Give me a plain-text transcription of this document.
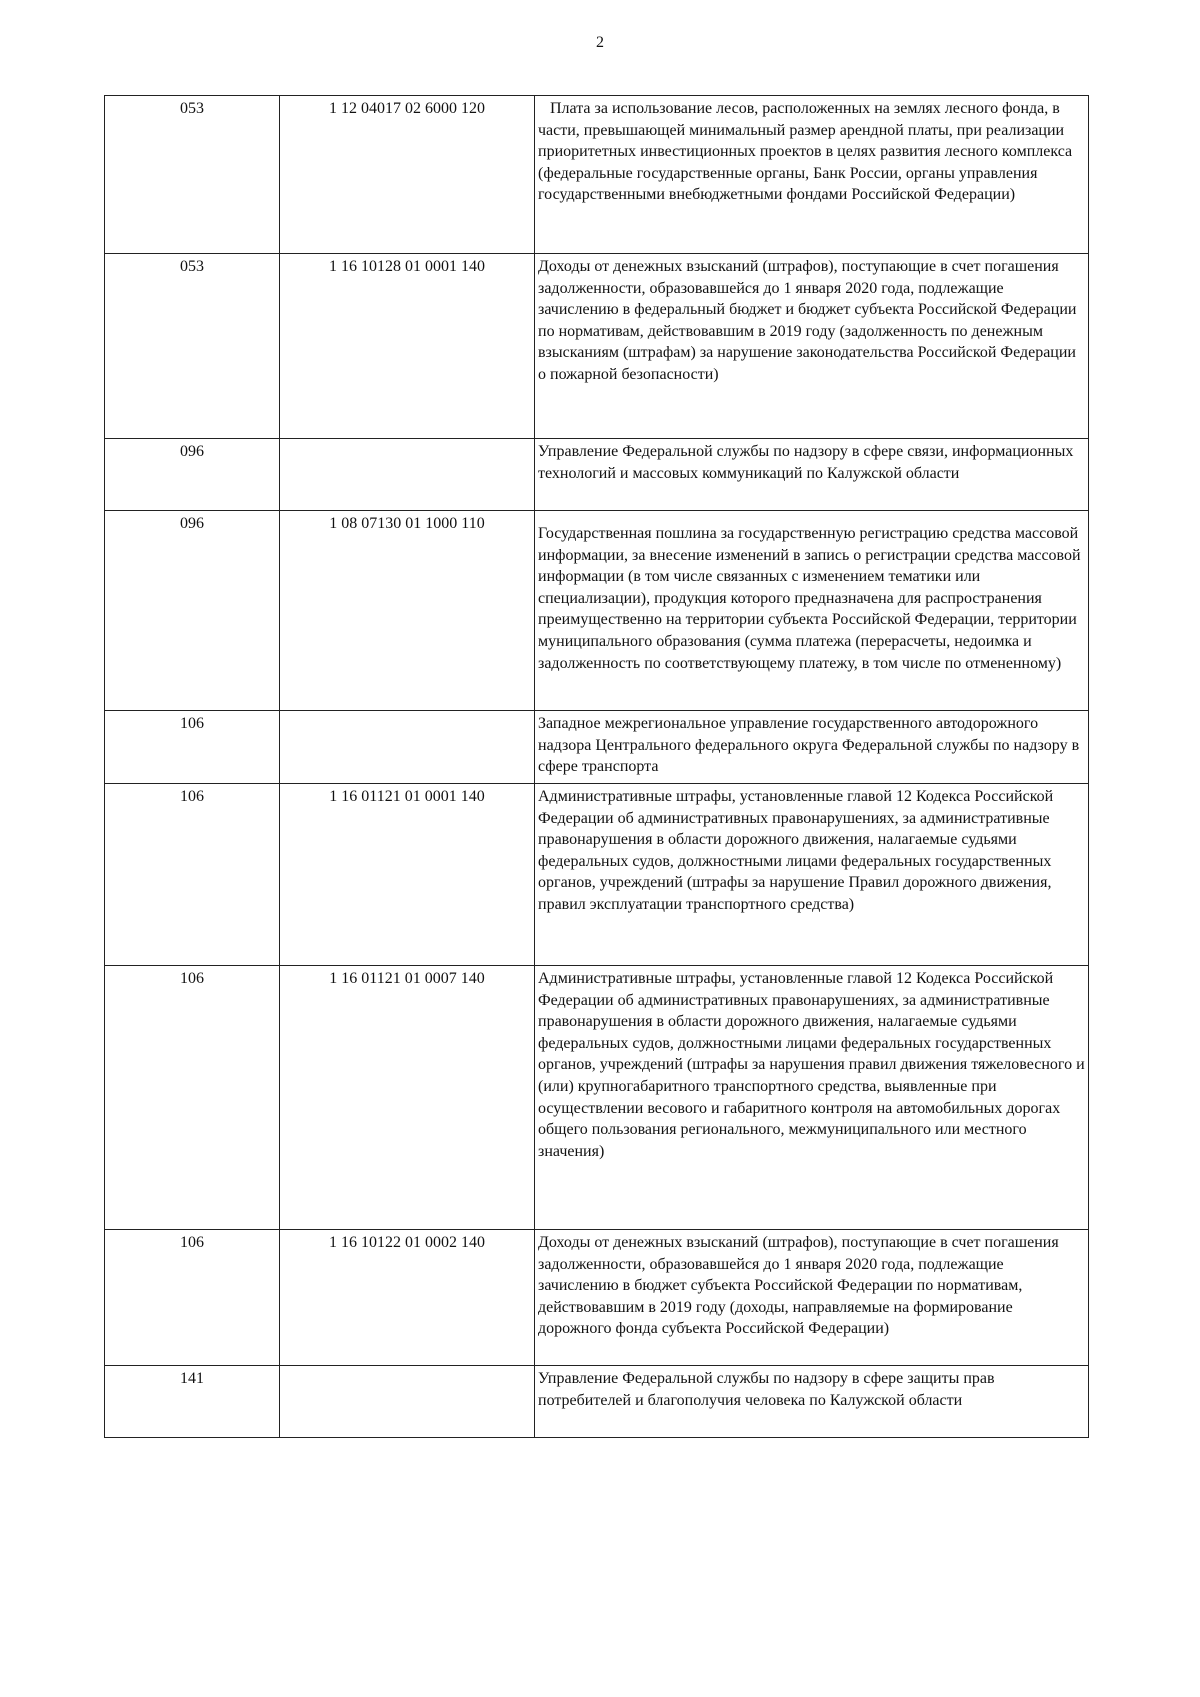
2
053	1 12 04017 02 6000 120	Плата за использование лесов, расположенных на землях лесного фонда, в части, превышающей минимальный размер арендной платы, при реализации приоритетных инвестиционных проектов в целях развития лесного комплекса (федеральные государственные органы, Банк России, органы управления государственными внебюджетными фондами Российской Федерации)
053	1 16 10128 01 0001 140	Доходы от денежных взысканий (штрафов), поступающие в счет погашения задолженности, образовавшейся до 1 января 2020 года, подлежащие зачислению в федеральный бюджет и бюджет субъекта Российской Федерации по нормативам, действовавшим в 2019 году (задолженность по денежным взысканиям (штрафам) за нарушение законодательства Российской Федерации о пожарной безопасности)
096		Управление Федеральной службы по надзору в сфере связи, информационных технологий и массовых коммуникаций по Калужской области
096	1 08 07130 01 1000 110	Государственная пошлина за государственную регистрацию средства массовой информации, за внесение изменений в запись о регистрации средства массовой информации (в том числе связанных с изменением тематики или специализации), продукция которого предназначена для распространения преимущественно на территории субъекта Российской Федерации, территории муниципального образования (сумма платежа (перерасчеты, недоимка и задолженность по соответствующему платежу, в том числе по отмененному)
106		Западное межрегиональное управление государственного автодорожного надзора Центрального федерального округа Федеральной службы по надзору в сфере транспорта
106	1 16 01121 01 0001 140	Административные штрафы, установленные главой 12 Кодекса Российской Федерации об административных правонарушениях, за административные правонарушения в области дорожного движения, налагаемые судьями федеральных судов, должностными лицами федеральных государственных органов, учреждений (штрафы за нарушение Правил дорожного движения, правил эксплуатации транспортного средства)
106	1 16 01121 01 0007 140	Административные штрафы, установленные главой 12 Кодекса Российской Федерации об административных правонарушениях, за административные правонарушения в области дорожного движения, налагаемые судьями федеральных судов, должностными лицами федеральных государственных органов, учреждений (штрафы за нарушения правил движения тяжеловесного и (или) крупногабаритного транспортного средства, выявленные при осуществлении весового и габаритного контроля на автомобильных дорогах общего пользования регионального, межмуниципального или местного значения)
106	1 16 10122 01 0002 140	Доходы от денежных взысканий (штрафов), поступающие в счет погашения задолженности, образовавшейся до 1 января 2020 года, подлежащие зачислению в бюджет субъекта Российской Федерации по нормативам, действовавшим в 2019 году (доходы, направляемые на формирование дорожного фонда субъекта Российской Федерации)
141		Управление Федеральной службы по надзору в сфере защиты прав потребителей и благополучия человека по Калужской области
